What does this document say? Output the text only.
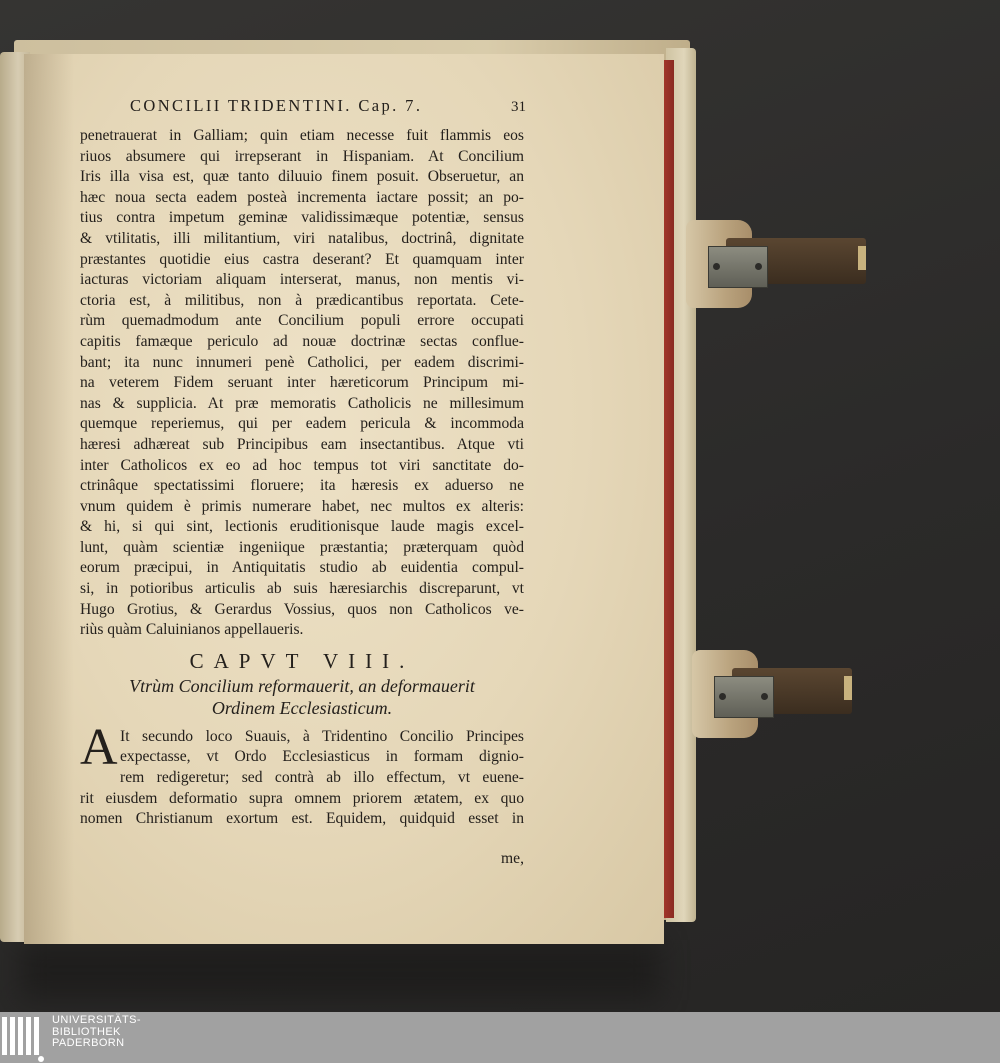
CONCILII TRIDENTINI. Cap. 7.	31
penetrauerat in Galliam; quin etiam necesse fuit flammis eos
riuos absumere qui irrepserant in Hispaniam. At Concilium
Iris illa visa est, quæ tanto diluuio finem posuit. Obseruetur, an
hæc noua secta eadem posteà incrementa iactare possit; an po-
tius contra impetum geminæ validissimæque potentiæ, sensus
& vtilitatis, illi militantium, viri natalibus, doctrinâ, dignitate
præstantes quotidie eius castra deserant? Et quamquam inter
iacturas victoriam aliquam interserat, manus, non mentis vi-
ctoria est, à militibus, non à prædicantibus reportata. Cete-
rùm quemadmodum ante Concilium populi errore occupati
capitis famæque periculo ad nouæ doctrinæ sectas conflue-
bant; ita nunc innumeri penè Catholici, per eadem discrimi-
na veterem Fidem seruant inter hæreticorum Principum mi-
nas & supplicia. At præ memoratis Catholicis ne millesimum
quemque reperiemus, qui per eadem pericula & incommoda
hæresi adhæreat sub Principibus eam insectantibus. Atque vti
inter Catholicos ex eo ad hoc tempus tot viri sanctitate do-
ctrinâque spectatissimi floruere; ita hæresis ex aduerso ne
vnum quidem è primis numerare habet, nec multos ex alteris:
& hi, si qui sint, lectionis eruditionisque laude magis excel-
lunt, quàm scientiæ ingeniique præstantia; præterquam quòd
eorum præcipui, in Antiquitatis studio ab euidentia compul-
si, in potioribus articulis ab suis hæresiarchis discreparunt, vt
Hugo Grotius, & Gerardus Vossius, quos non Catholicos ve-
riùs quàm Caluinianos appellaueris.
CAPVT VIII.
Vtrùm Concilium reformauerit, an deformauerit
Ordinem Ecclesiasticum.
A It secundo loco Suauis, à Tridentino Concilio Principes
expectasse, vt Ordo Ecclesiasticus in formam dignio-
rem redigeretur; sed contrà ab illo effectum, vt euene-
rit eiusdem deformatio supra omnem priorem ætatem, ex quo
nomen Christianum exortum est. Equidem, quidquid esset in
me,
UNIVERSITÄTS-
BIBLIOTHEK
PADERBORN
